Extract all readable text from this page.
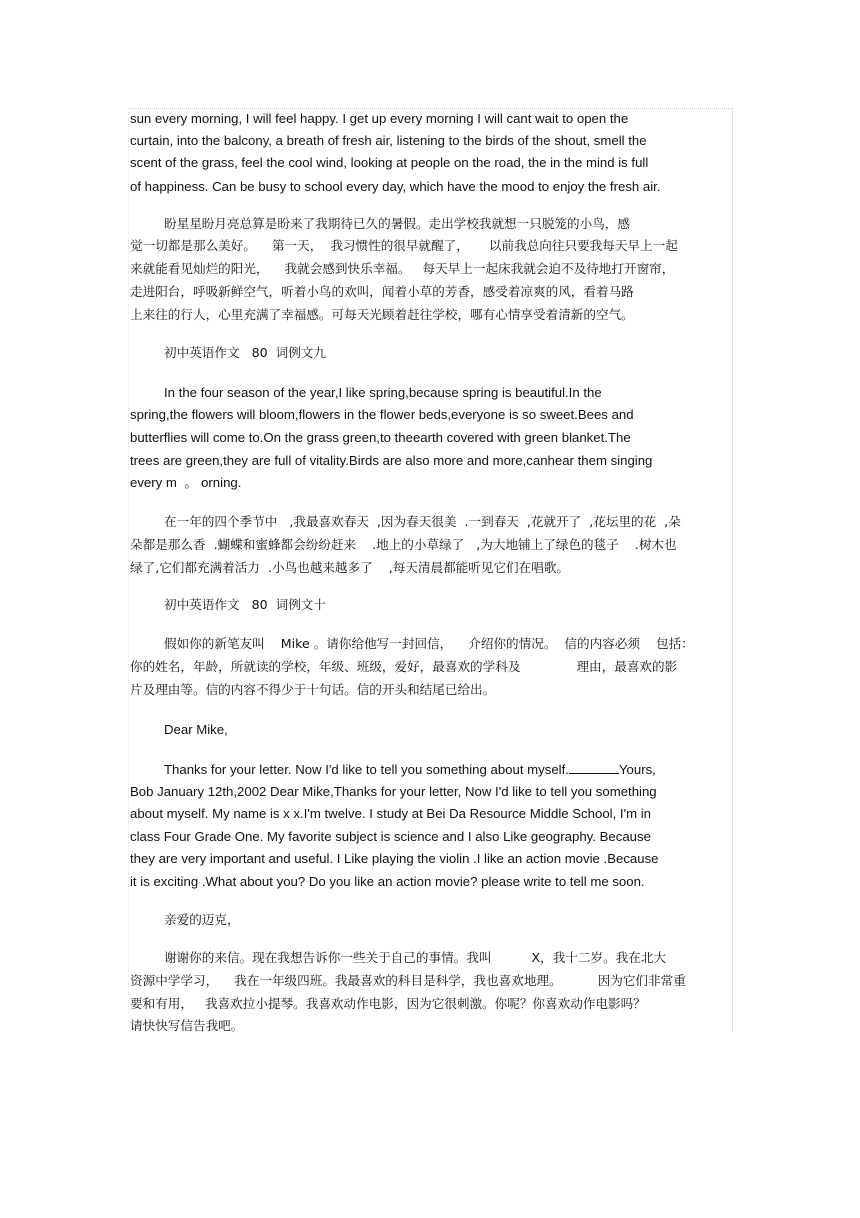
sun every morning, I will feel happy. I get up every morning I will cant wait to open the

curtain, into the balcony, a breath of fresh air, listening to the birds of the shout, smell the

scent of the grass, feel the cool wind, looking at people on the road, the in the mind is full

of happiness. Can be busy to school every day, which have the mood to enjoy the fresh air.

盼星星盼月亮总算是盼来了我期待已久的暑假。走出学校我就想一只脱笼的小鸟，感

觉一切都是那么美好。    第一天，  我习惯性的很早就醒了，     以前我总向往只要我每天早上一起

来就能看见灿烂的阳光，    我就会感到快乐幸福。   每天早上一起床我就会迫不及待地打开窗帘，

走进阳台，呼吸新鲜空气，听着小鸟的欢叫，闻着小草的芳香，感受着凉爽的风，看着马路

上来往的行人，心里充满了幸福感。可每天光顾着赶往学校，哪有心情享受着清新的空气。

初中英语作文   80  词例文九

In the four season of the year,I like spring,because spring is beautiful.In the

spring,the flowers will bloom,flowers in the flower beds,everyone is so sweet.Bees and

butterflies will come to.On the grass green,to theearth covered with green blanket.The

trees are green,they are full of vitality.Birds are also more and more,canhear them singing

every m  。 orning.

在一年的四个季节中   ,我最喜欢春天  ,因为春天很美  .一到春天  ,花就开了  ,花坛里的花  ,朵

朵都是那么香  .蝴蝶和蜜蜂都会纷纷赶来    .地上的小草绿了   ,为大地铺上了绿色的毯子    .树木也

绿了,它们都充满着活力  .小鸟也越来越多了    ,每天清晨都能听见它们在唱歌。

初中英语作文   80  词例文十

假如你的新笔友叫    Mike 。请你给他写一封回信，    介绍你的情况。  信的内容必须    包括：

你的姓名，年龄，所就读的学校，年级、班级，爱好，最喜欢的学科及              理由，最喜欢的影

片及理由等。信的内容不得少于十句话。信的开头和结尾已给出。

Dear Mike,

Thanks for your letter. Now I'd like to tell you something about myself.	Yours,

Bob January 12th,2002 Dear Mike,Thanks for your letter, Now I'd like to tell you something

about myself. My name is x x.I'm twelve. I study at Bei Da Resource Middle School, I'm in

class Four Grade One. My favorite subject is science and I also Like geography. Because

they are very important and useful. I Like playing the violin .I like an action movie .Because

it is exciting .What about you? Do you like an action movie? please write to tell me soon.

亲爱的迈克，

谢谢你的来信。现在我想告诉你一些关于自己的事情。我叫          X，我十二岁。我在北大

资源中学学习，    我在一年级四班。我最喜欢的科目是科学，我也喜欢地理。         因为它们非常重

要和有用，   我喜欢拉小提琴。我喜欢动作电影，因为它很刺激。你呢？你喜欢动作电影吗？

请快快写信告我吧。
